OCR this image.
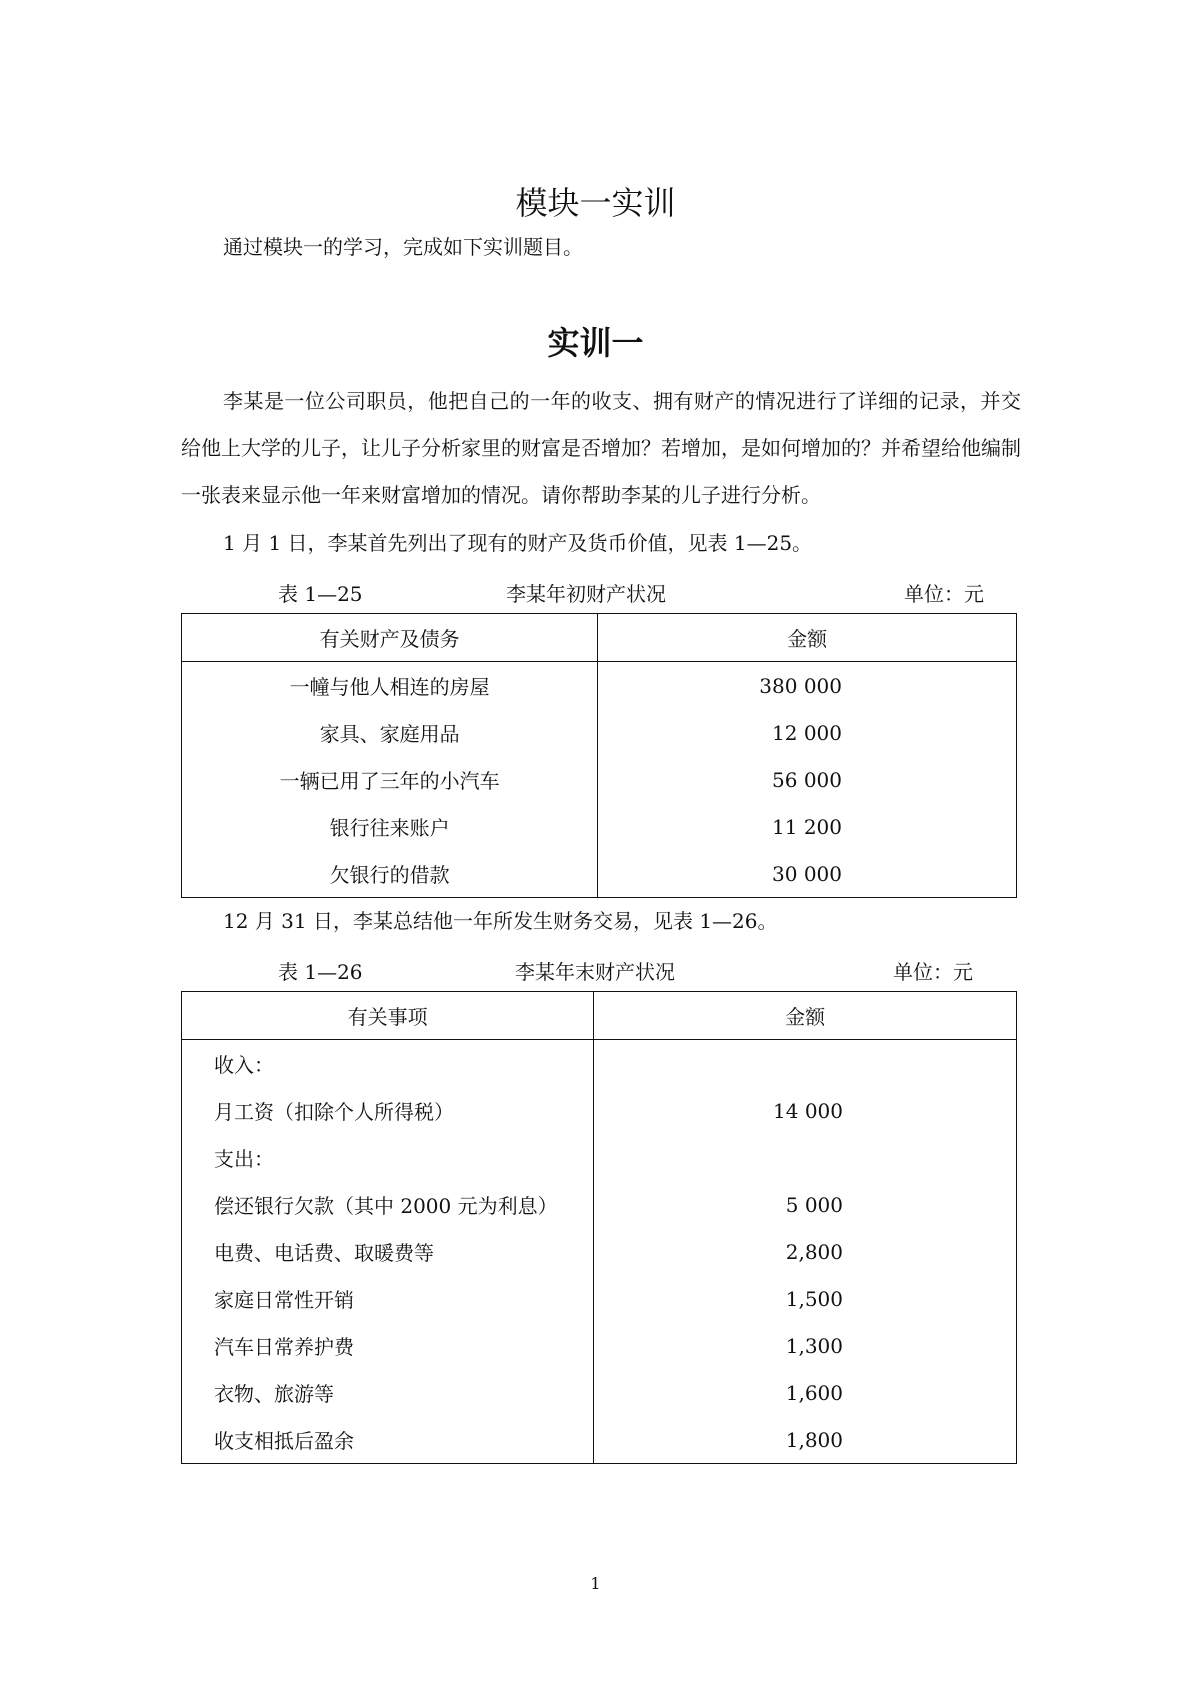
模块一实训
通过模块一的学习，完成如下实训题目。
实训一
李某是一位公司职员，他把自己的一年的收支、拥有财产的情况进行了详细的记录，并交给他上大学的儿子，让儿子分析家里的财富是否增加？若增加，是如何增加的？并希望给他编制一张表来显示他一年来财富增加的情况。请你帮助李某的儿子进行分析。
1 月 1 日，李某首先列出了现有的财产及货币价值，见表 1—25。
表 1—25	李某年初财产状况	单位：元
有关财产及债务	金额
一幢与他人相连的房屋	380 000
家具、家庭用品	12 000
一辆已用了三年的小汽车	56 000
银行往来账户	11 200
欠银行的借款	30 000
12 月 31 日，李某总结他一年所发生财务交易，见表 1—26。
表 1—26	李某年末财产状况	单位：元
有关事项	金额
收入：	
月工资（扣除个人所得税）	14 000
支出：	
偿还银行欠款（其中 2000 元为利息）	5 000
电费、电话费、取暖费等	2,800
家庭日常性开销	1,500
汽车日常养护费	1,300
衣物、旅游等	1,600
收支相抵后盈余	1,800
1
